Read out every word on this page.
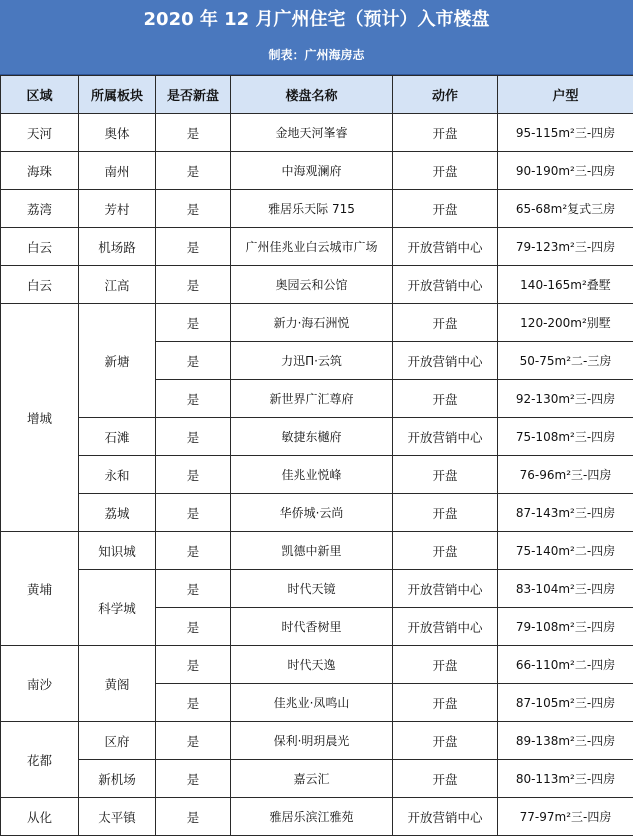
2020 年 12 月广州住宅（预计）入市楼盘
制表：广州海房志
区域	所属板块	是否新盘	楼盘名称	动作	户型
天河	奥体	是	金地天河峯睿	开盘	95-115m²三-四房
海珠	南州	是	中海观澜府	开盘	90-190m²三-四房
荔湾	芳村	是	雅居乐天际 715	开盘	65-68m²复式三房
白云	机场路	是	广州佳兆业白云城市广场	开放营销中心	79-123m²三-四房
白云	江高	是	奥园云和公馆	开放营销中心	140-165m²叠墅
增城	新塘	是	新力·海石洲悦	开盘	120-200m²别墅
		是	力迅Π·云筑	开放营销中心	50-75m²二-三房
		是	新世界广汇尊府	开盘	92-130m²三-四房
	石滩	是	敏捷东樾府	开放营销中心	75-108m²三-四房
	永和	是	佳兆业悦峰	开盘	76-96m²三-四房
	荔城	是	华侨城·云尚	开盘	87-143m²三-四房
黄埔	知识城	是	凯德中新里	开盘	75-140m²二-四房
	科学城	是	时代天镜	开放营销中心	83-104m²三-四房
		是	时代香树里	开放营销中心	79-108m²三-四房
南沙	黄阁	是	时代天逸	开盘	66-110m²二-四房
		是	佳兆业·凤鸣山	开盘	87-105m²三-四房
花都	区府	是	保利·明玥晨光	开盘	89-138m²三-四房
	新机场	是	嘉云汇	开盘	80-113m²三-四房
从化	太平镇	是	雅居乐滨江雅苑	开放营销中心	77-97m²三-四房
